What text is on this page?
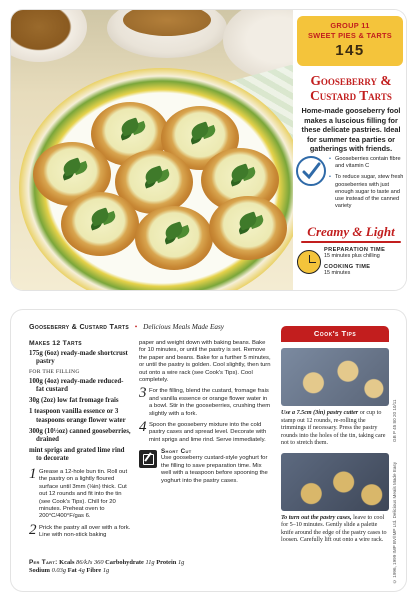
GROUP 11
SWEET PIES & TARTS
145
Gooseberry &
Custard Tarts
Home-made gooseberry fool makes a luscious filling for these delicate pastries. Ideal for summer tea parties or gatherings with friends.
• Gooseberries contain fibre and vitamin C
• To reduce sugar, stew fresh gooseberries with just enough sugar to taste and use instead of the canned variety
Creamy & Light
PREPARATION TIME
15 minutes plus chilling
COOKING TIME
15 minutes
Gooseberry & Custard Tarts • Delicious Meals Made Easy
Makes 12 Tarts
175g (6oz) ready-made shortcrust pastry
FOR THE FILLING
100g (4oz) ready-made reduced-fat custard
30g (2oz) low fat fromage frais
1 teaspoon vanilla essence or 3 teaspoons orange flower water
300g (10½oz) canned gooseberries, drained
mint sprigs and grated lime rind to decorate
1 Grease a 12-hole bun tin. Roll out the pastry on a lightly floured surface until 3mm (⅛in) thick. Cut out 12 rounds and fit into the tin (see Cook's Tips). Chill for 20 minutes. Preheat oven to 200°C/400°F/gas 6.
2 Prick the pastry all over with a fork. Line with non-stick baking
paper and weight down with baking beans. Bake for 10 minutes, or until the pastry is set. Remove the paper and beans. Bake for a further 5 minutes, or until the pastry is golden. Cool slightly, then turn out onto a wire rack (see Cook's Tips). Cool completely.
3 For the filling, blend the custard, fromage frais and vanilla essence or orange flower water in a bowl. Stir in the gooseberries, crushing them slightly with a fork.
4 Spoon the gooseberry mixture into the cold pastry cases and spread level. Decorate with mint sprigs and lime rind. Serve immediately.
Short Cut
Use gooseberry custard-style yoghurt for the filling to save preparation time. Mix well with a teaspoon before spooning the yoghurt into the pastry cases.
Per Tart: Kcals 86/kJs 360 Carbohydrate 11g Protein 1g
Sodium 0.03g Fat 4g Fibre 1g
Cook's Tips
Use a 7.5cm (3in) pastry cutter or cup to stamp out 12 rounds, re-rolling the trimmings if necessary. Press the pastry rounds into the holes of the tin, taking care not to stretch them.
To turn out the pastry cases, leave to cool for 5–10 minutes. Gently slide a palette knife around the edge of the pastry cases to loosen. Carefully lift out onto a wire rack.
GB P 45 80 20 10/11
© 1996, 1999 IMP BV/IMP Ltd. Delicious Meals Made Easy
